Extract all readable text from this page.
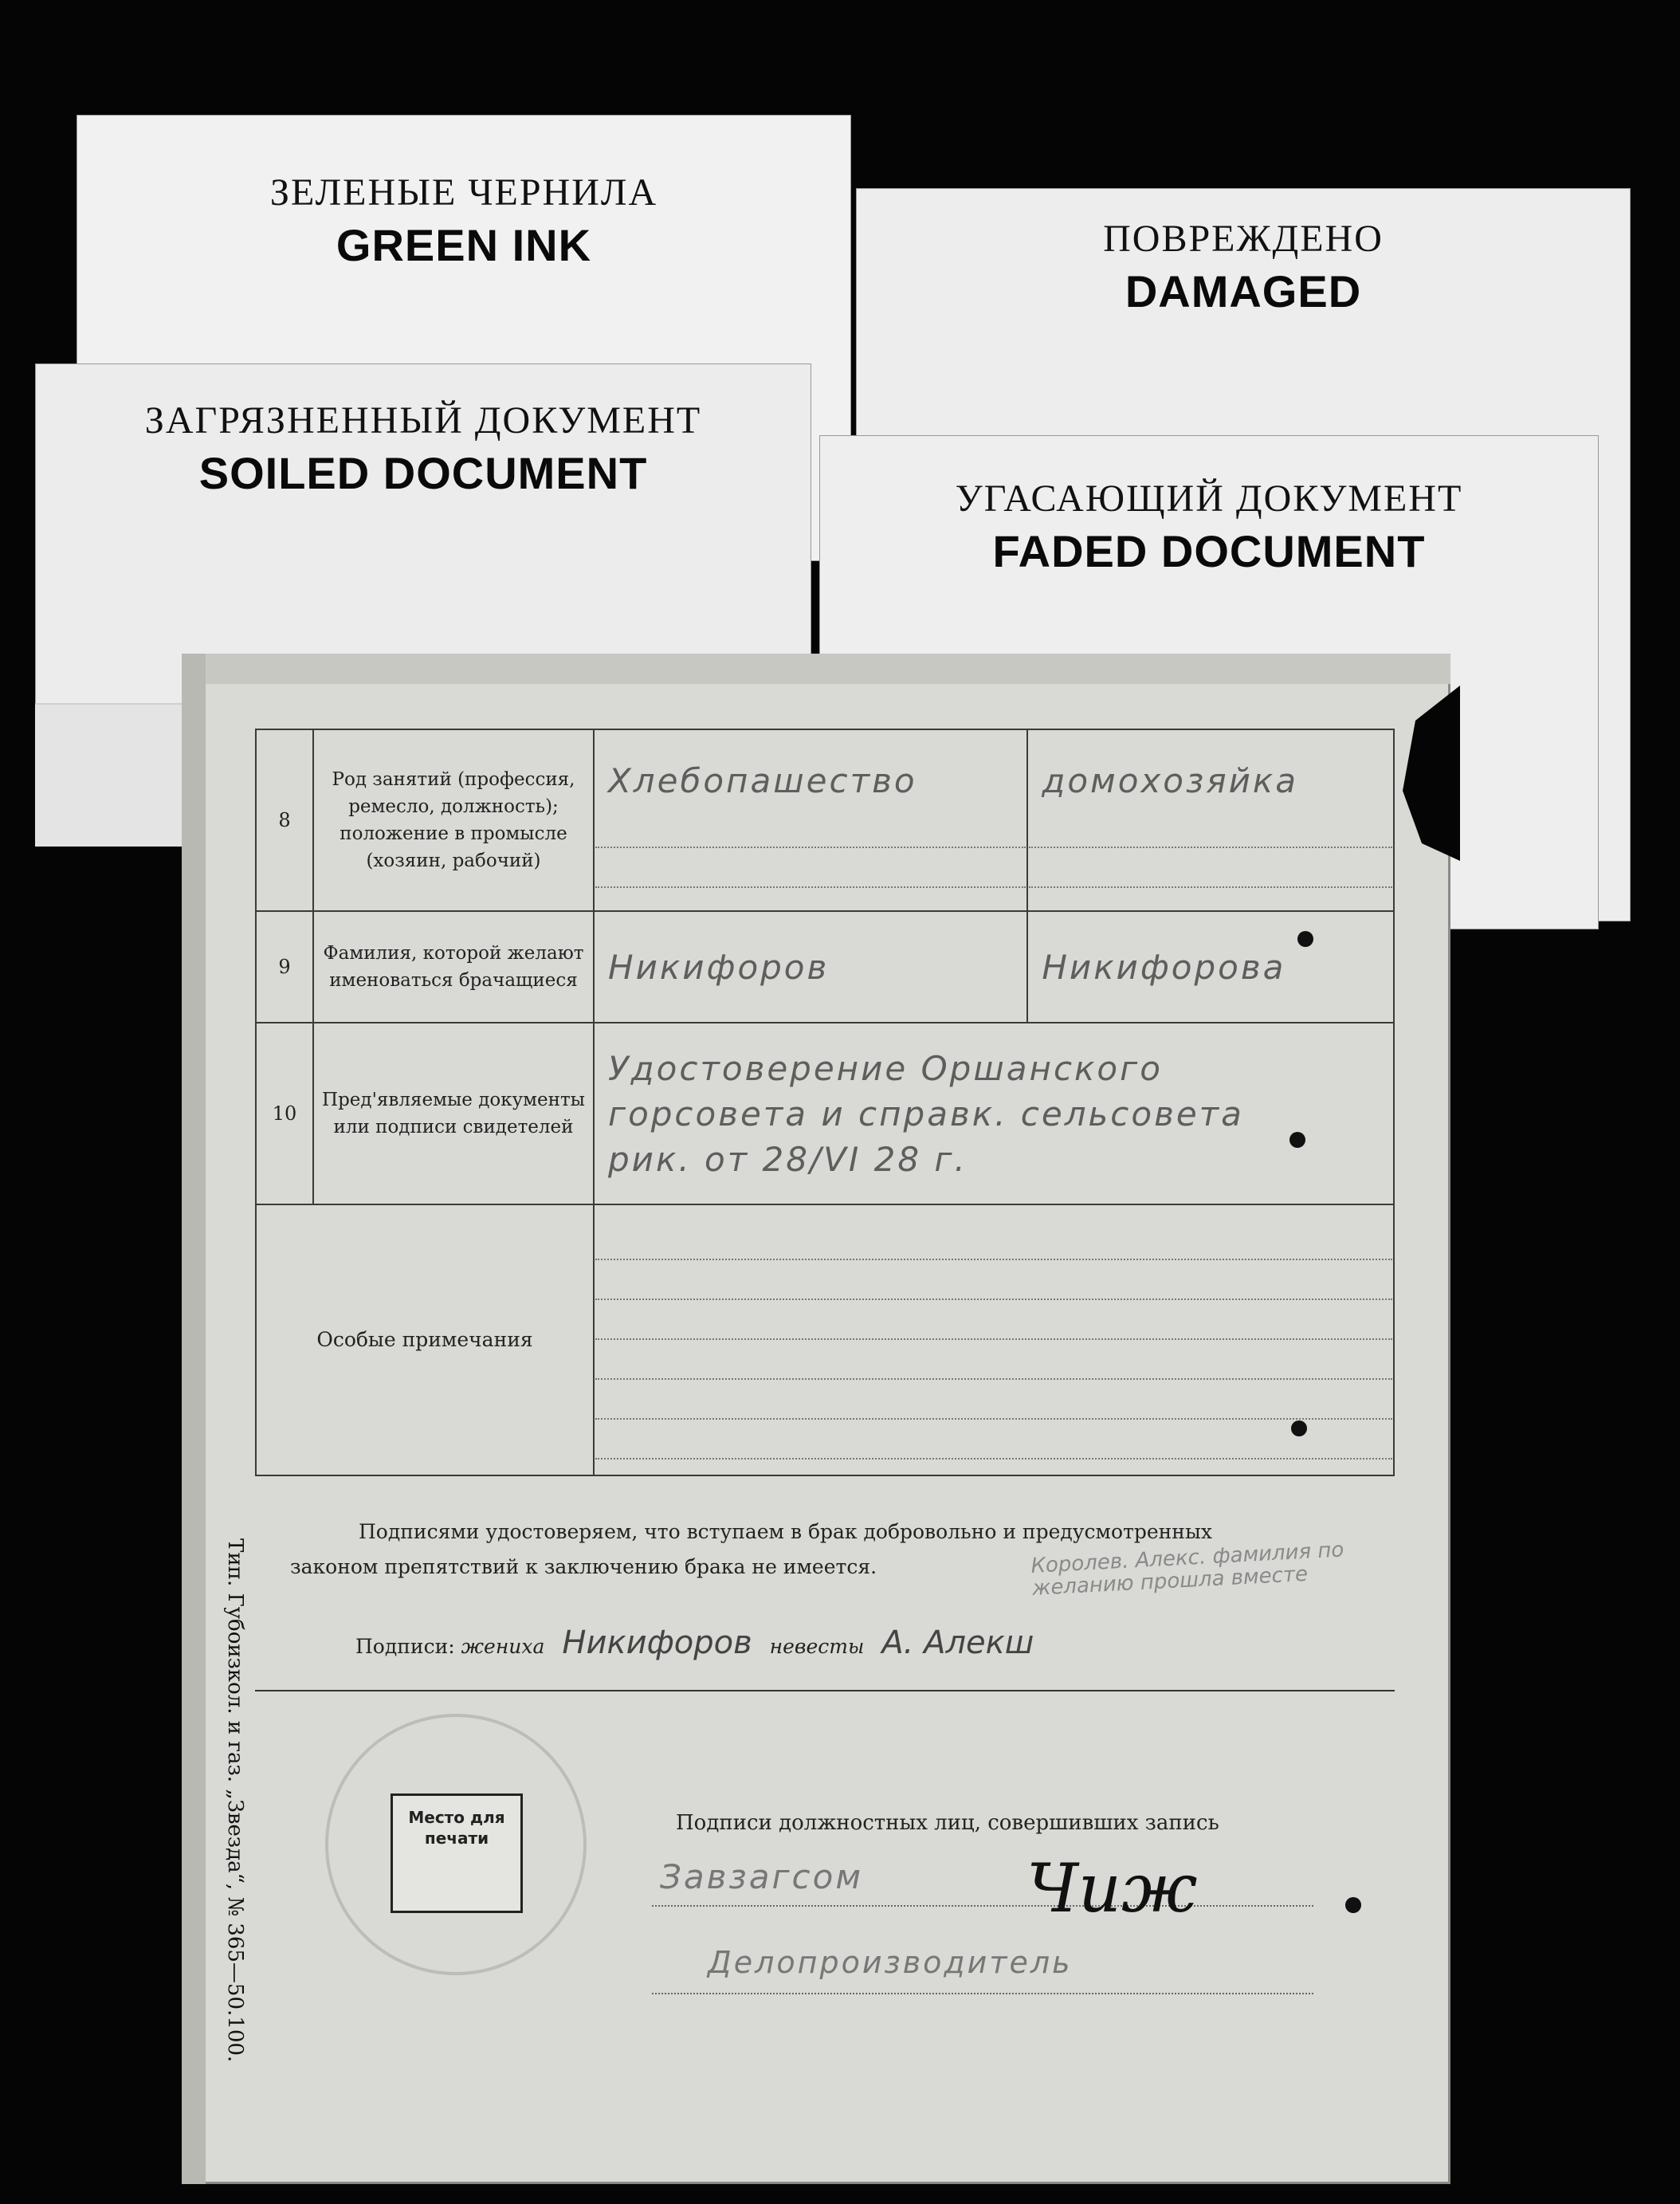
ЗЕЛЕНЫЕ ЧЕРНИЛА
GREEN INK	ПОВРЕЖДЕНО
DAMAGED
ЗАГРЯЗНЕННЫЙ ДОКУМЕНТ
SOILED DOCUMENT
УГАСАЮЩИЙ ДОКУМЕНТ
FADED DOCUMENT
8	Род занятий (профессия, ремесло, должность); положение в промысле (хозяин, рабочий)	Хлебопашество	домохозяйка

9	Фамилия, которой желают именоваться брачащиеся	Никифоров	Никифорова

10	Пред'являемые документы или подписи свидетелей	Удостоверение Оршанского
горсовета и справк. сельсовета
рик. от 28/VI 28 г.	

Особые примечания			
Подписями удостоверяем, что вступаем в брак добровольно и предусмотренных
законом препятствий к заключению брака не имеется.	Королев. Алекс. фамилия по желанию прошла вместе
Подписи: жениха Никифоров невесты А. Алекш
Место для печати
Подписи должностных лиц, совершивших запись
Завзагсом Чиж
Делопроизводитель
Тип. Губоизкол. и газ. „Звезда“, № 365—50.100.
